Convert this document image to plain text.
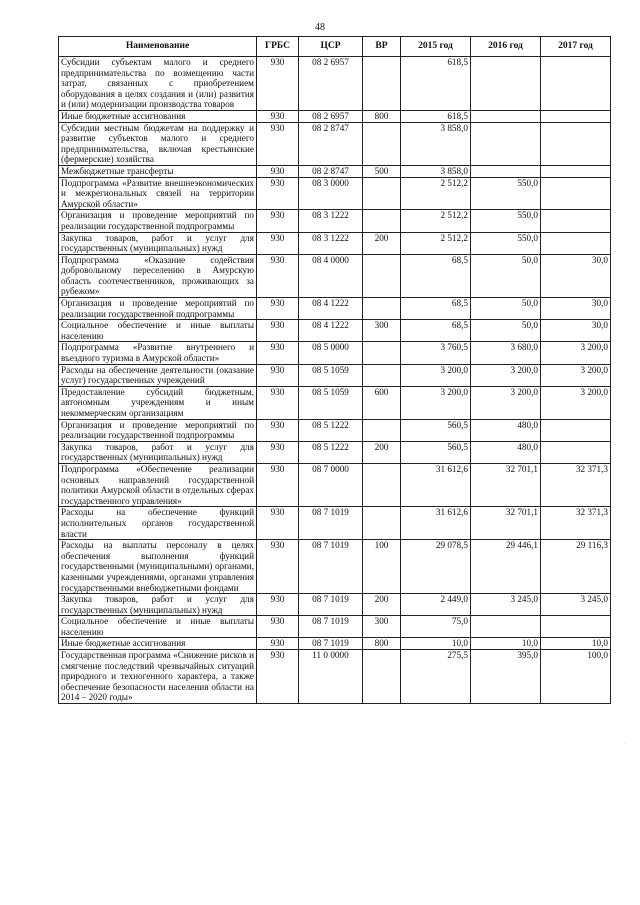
48
Наименование	ГРБС	ЦСР	ВР	2015 год	2016 год	2017 год
Субсидии субъектам малого и среднего предпринимательства по возмещению части затрат, связанных с приобретением оборудования в целях создания и (или) развития и (или) модернизации производства товаров	930	08 2 6957		618,5		
Иные бюджетные ассигнования	930	08 2 6957	800	618,5		
Субсидии местным бюджетам на поддержку и развитие субъектов малого и среднего предпринимательства, включая крестьянские (фермерские) хозяйства	930	08 2 8747		3 858,0		
Межбюджетные трансферты	930	08 2 8747	500	3 858,0		
Подпрограмма «Развитие внешнеэкономических и межрегиональных связей на территории Амурской области»	930	08 3 0000		2 512,2	550,0	
Организация и проведение мероприятий по реализации государственной подпрограммы	930	08 3 1222		2 512,2	550,0	
Закупка товаров, работ и услуг для государственных (муниципальных) нужд	930	08 3 1222	200	2 512,2	550,0	
Подпрограмма «Оказание содействия добровольному переселению в Амурскую область соотечественников, проживающих за рубежом»	930	08 4 0000		68,5	50,0	30,0
Организация и проведение мероприятий по реализации государственной подпрограммы	930	08 4 1222		68,5	50,0	30,0
Социальное обеспечение и иные выплаты населению	930	08 4 1222	300	68,5	50,0	30,0
Подпрограмма «Развитие внутреннего и въездного туризма в Амурской области»	930	08 5 0000		3 760,5	3 680,0	3 200,0
Расходы на обеспечение деятельности (оказание услуг) государственных учреждений	930	08 5 1059		3 200,0	3 200,0	3 200,0
Предоставление субсидий бюджетным, автономным учреждениям и иным некоммерческим организациям	930	08 5 1059	600	3 200,0	3 200,0	3 200,0
Организация и проведение мероприятий по реализации государственной подпрограммы	930	08 5 1222		560,5	480,0	
Закупка товаров, работ и услуг для государственных (муниципальных) нужд	930	08 5 1222	200	560,5	480,0	
Подпрограмма «Обеспечение реализации основных направлений государственной политики Амурской области в отдельных сферах государственного управления»	930	08 7 0000		31 612,6	32 701,1	32 371,3
Расходы на обеспечение функций исполнительных органов государственной власти	930	08 7 1019		31 612,6	32 701,1	32 371,3
Расходы на выплаты персоналу в целях обеспечения выполнения функций государственными (муниципальными) органами, казенными учреждениями, органами управления государственными внебюджетными фондами	930	08 7 1019	100	29 078,5	29 446,1	29 116,3
Закупка товаров, работ и услуг для государственных (муниципальных) нужд	930	08 7 1019	200	2 449,0	3 245,0	3 245,0
Социальное обеспечение и иные выплаты населению	930	08 7 1019	300	75,0		
Иные бюджетные ассигнования	930	08 7 1019	800	10,0	10,0	10,0
Государственная программа «Снижение рисков и смягчение последствий чрезвычайных ситуаций природного и техногенного характера, а также обеспечение безопасности населения области на 2014 – 2020 годы»	930	11 0 0000		275,5	395,0	100,0
·
